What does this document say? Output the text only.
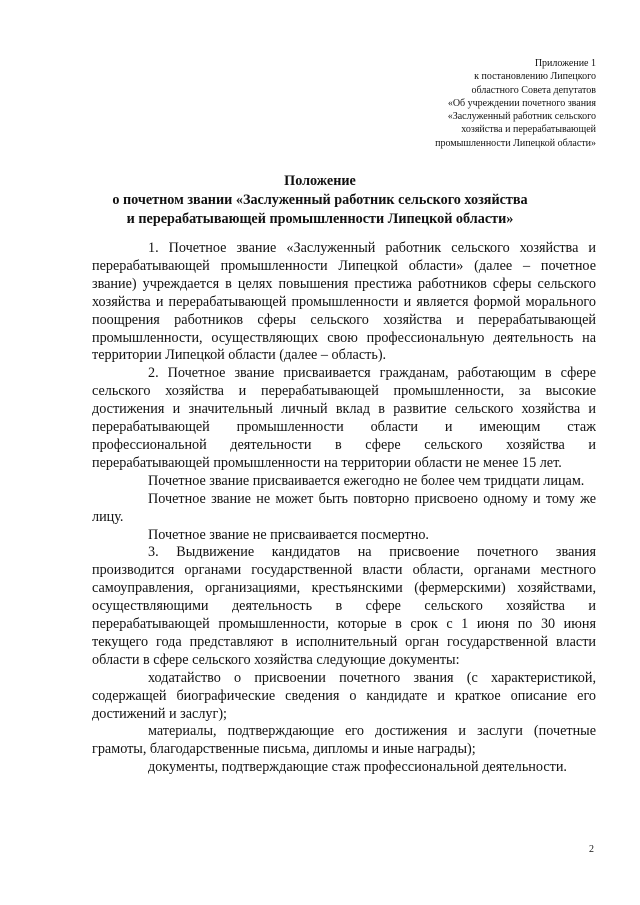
Приложение 1
к постановлению Липецкого
областного Совета депутатов
«Об учреждении почетного звания
«Заслуженный работник сельского
хозяйства и перерабатывающей
промышленности Липецкой области»
Положение
о почетном звании «Заслуженный работник сельского хозяйства
и перерабатывающей промышленности Липецкой области»

1. Почетное звание «Заслуженный работник сельского хозяйства и перерабатывающей промышленности Липецкой области» (далее – почетное звание) учреждается в целях повышения престижа работников сферы сельского хозяйства и перерабатывающей промышленности и является формой морального поощрения работников сферы сельского хозяйства и перерабатывающей промышленности, осуществляющих свою профессиональную деятельность на территории Липецкой области (далее – область).

2. Почетное звание присваивается гражданам, работающим в сфере сельского хозяйства и перерабатывающей промышленности, за высокие достижения и значительный личный вклад в развитие сельского хозяйства и перерабатывающей промышленности области и имеющим стаж профессиональной деятельности в сфере сельского хозяйства и перерабатывающей промышленности на территории области не менее 15 лет.

Почетное звание присваивается ежегодно не более чем тридцати лицам.

Почетное звание не может быть повторно присвоено одному и тому же лицу.

Почетное звание не присваивается посмертно.

3. Выдвижение кандидатов на присвоение почетного звания производится органами государственной власти области, органами местного самоуправления, организациями, крестьянскими (фермерскими) хозяйствами, осуществляющими деятельность в сфере сельского хозяйства и перерабатывающей промышленности, которые в срок с 1 июня по 30 июня текущего года представляют в исполнительный орган государственной власти области в сфере сельского хозяйства следующие документы:

ходатайство о присвоении почетного звания (с характеристикой, содержащей биографические сведения о кандидате и краткое описание его достижений и заслуг);

материалы, подтверждающие его достижения и заслуги (почетные грамоты, благодарственные письма, дипломы и иные награды);

документы, подтверждающие стаж профессиональной деятельности.

2
